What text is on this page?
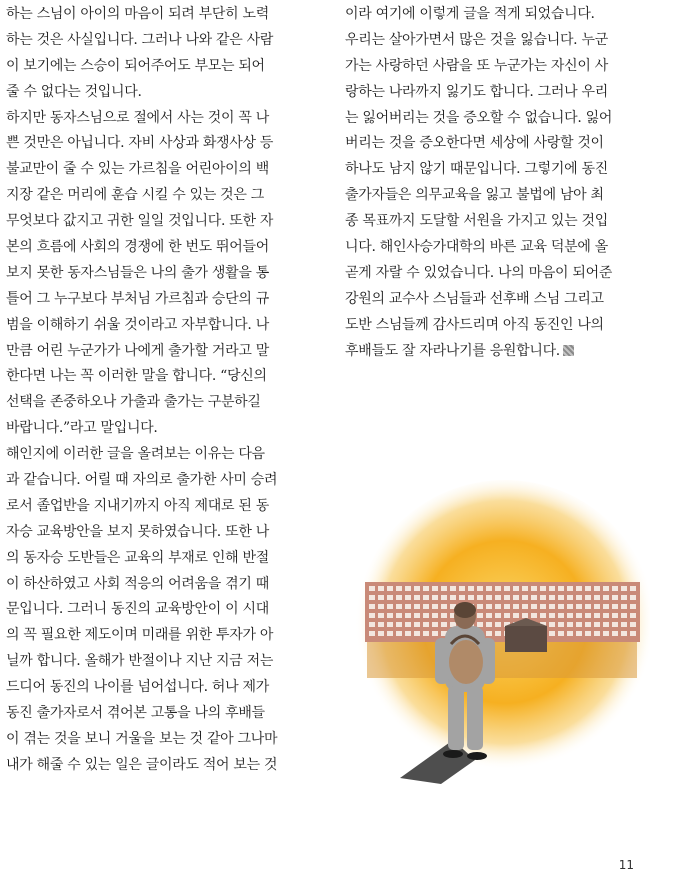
하는 스님이 아이의 마음이 되려 부단히 노력
하는 것은 사실입니다. 그러나 나와 같은 사람
이 보기에는 스승이 되어주어도 부모는 되어
줄 수 없다는 것입니다.
하지만 동자스님으로 절에서 사는 것이 꼭 나
쁜 것만은 아닙니다. 자비 사상과 화쟁사상 등
불교만이 줄 수 있는 가르침을 어린아이의 백
지장 같은 머리에 훈습 시킬 수 있는 것은 그
무엇보다 값지고 귀한 일일 것입니다. 또한 자
본의 흐름에 사회의 경쟁에 한 번도 뛰어들어
보지 못한 동자스님들은 나의 출가 생활을 통
틀어 그 누구보다 부처님 가르침과 승단의 규
범을 이해하기 쉬울 것이라고 자부합니다. 나
만큼 어린 누군가가 나에게 출가할 거라고 말
한다면 나는 꼭 이러한 말을 합니다. “당신의
선택을 존중하오나 가출과 출가는 구분하길
바랍니다.”라고 말입니다.
해인지에 이러한 글을 올려보는 이유는 다음
과 같습니다. 어릴 때 자의로 출가한 사미 승려
로서 졸업반을 지내기까지 아직 제대로 된 동
자승 교육방안을 보지 못하였습니다. 또한 나
의 동자승 도반들은 교육의 부재로 인해 반절
이 하산하였고 사회 적응의 어려움을 겪기 때
문입니다. 그러니 동진의 교육방안이 이 시대
의 꼭 필요한 제도이며 미래를 위한 투자가 아
닐까 합니다. 올해가 반절이나 지난 지금 저는
드디어 동진의 나이를 넘어섭니다. 허나 제가
동진 출가자로서 겪어본 고통을 나의 후배들
이 겪는 것을 보니 거울을 보는 것 같아 그나마
내가 해줄 수 있는 일은 글이라도 적어 보는 것
이라 여기에 이렇게 글을 적게 되었습니다.
우리는 살아가면서 많은 것을 잃습니다. 누군
가는 사랑하던 사람을 또 누군가는 자신이 사
랑하는 나라까지 잃기도 합니다. 그러나 우리
는 잃어버리는 것을 증오할 수 없습니다. 잃어
버리는 것을 증오한다면 세상에 사랑할 것이
하나도 남지 않기 때문입니다. 그렇기에 동진
출가자들은 의무교육을 잃고 불법에 남아 최
종 목표까지 도달할 서원을 가지고 있는 것입
니다. 해인사승가대학의 바른 교육 덕분에 올
곧게 자랄 수 있었습니다. 나의 마음이 되어준
강원의 교수사 스님들과 선후배 스님 그리고
도반 스님들께 감사드리며 아직 동진인 나의
후배들도 잘 자라나기를 응원합니다.
11
